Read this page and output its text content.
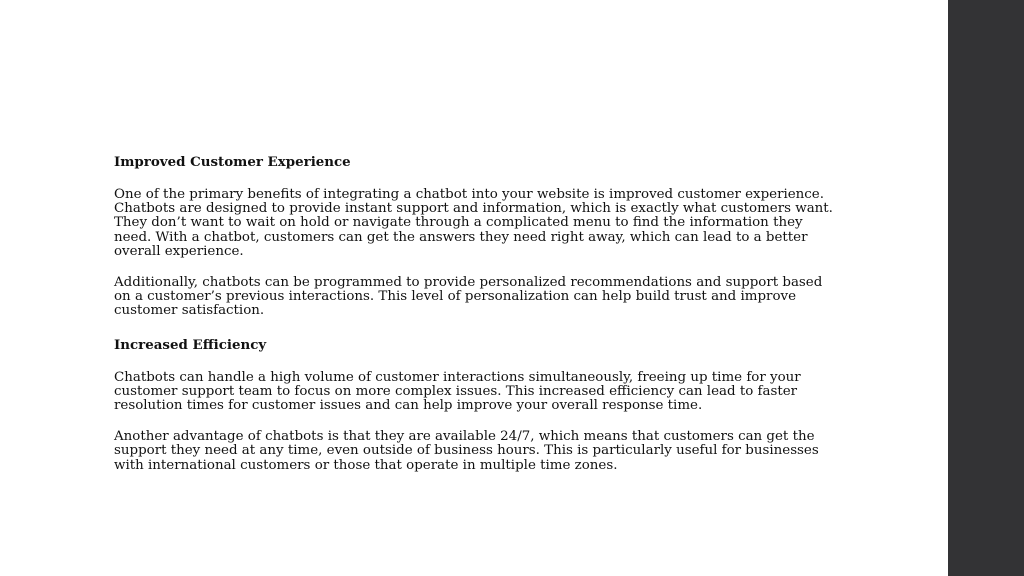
Improved Customer Experience

One of the primary benefits of integrating a chatbot into your website is improved customer experience. Chatbots are designed to provide instant support and information, which is exactly what customers want. They don’t want to wait on hold or navigate through a complicated menu to find the information they need. With a chatbot, customers can get the answers they need right away, which can lead to a better overall experience.

Additionally, chatbots can be programmed to provide personalized recommendations and support based on a customer’s previous interactions. This level of personalization can help build trust and improve customer satisfaction.

Increased Efficiency

Chatbots can handle a high volume of customer interactions simultaneously, freeing up time for your customer support team to focus on more complex issues. This increased efficiency can lead to faster resolution times for customer issues and can help improve your overall response time.

Another advantage of chatbots is that they are available 24/7, which means that customers can get the support they need at any time, even outside of business hours. This is particularly useful for businesses with international customers or those that operate in multiple time zones.
